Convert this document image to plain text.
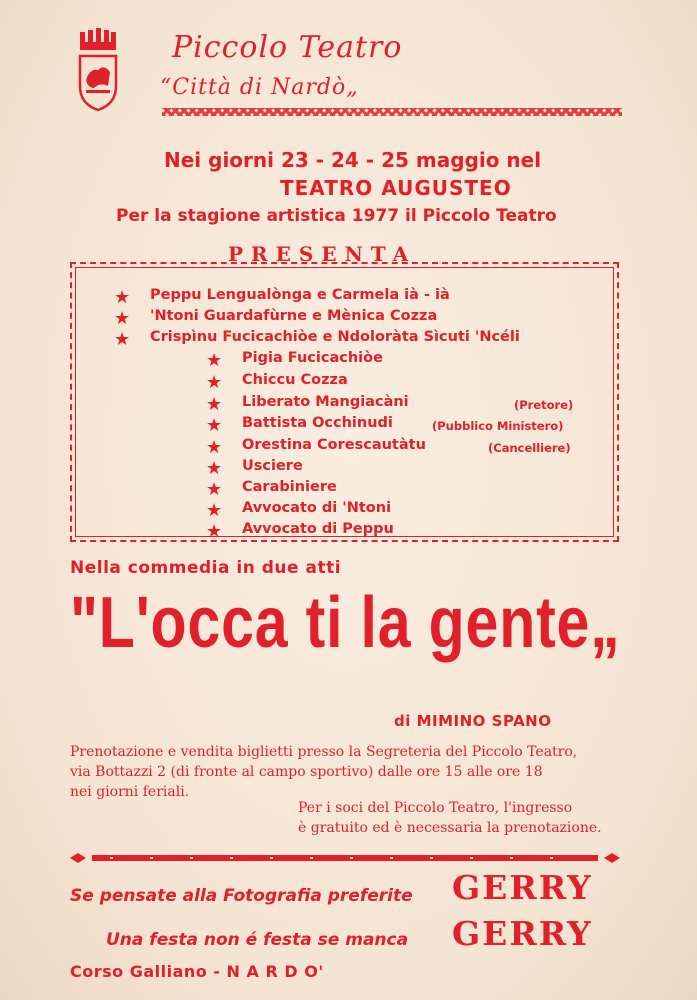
Piccolo Teatro
“Città di Nardò„
Nei giorni 23 - 24 - 25 maggio nel
TEATRO AUGUSTEO
Per la stagione artistica 1977 il Piccolo Teatro
PRESENTA
★ Peppu Lengualònga e Carmela ià - ià
★ 'Ntoni Guardafùrne e Mènica Cozza
★ Crispìnu Fucicachiòe e Ndoloràta Sìcuti 'Ncéli
★ Pigia Fucicachiòe
★ Chiccu Cozza
★ Liberato Mangiacàni	(Pretore)
★ Battista Occhinudi	(Pubblico Ministero)
★ Orestina Corescautàtu	(Cancelliere)
★ Usciere
★ Carabiniere
★ Avvocato di 'Ntoni
★ Avvocato di Peppu
Nella commedia in due atti
"L'occa ti la gente„
di MIMINO SPANO
Prenotazione e vendita biglietti presso la Segreteria del Piccolo Teatro,
via Bottazzi 2 (di fronte al campo sportivo) dalle ore 15 alle ore 18
nei giorni feriali.
Per i soci del Piccolo Teatro, l'ingresso
è gratuito ed è necessaria la prenotazione.
Se pensate alla Fotografia preferite GERRY
Una festa non é festa se manca GERRY
Corso Galliano - N A R D O'
